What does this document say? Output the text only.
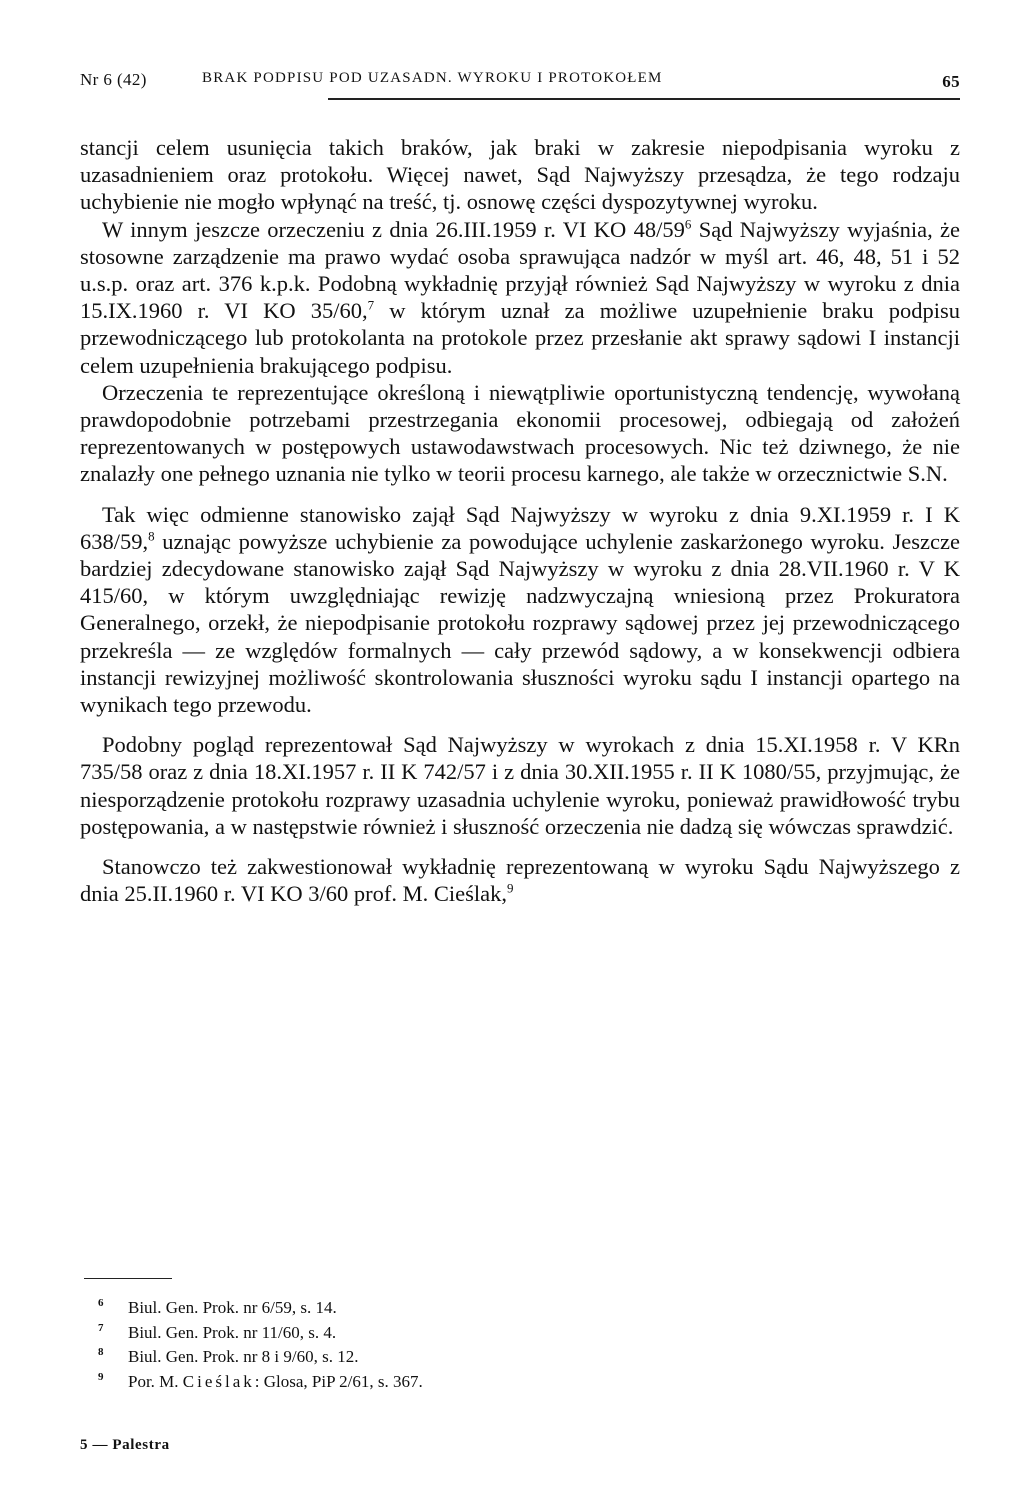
Nr 6 (42)	BRAK PODPISU POD UZASADN. WYROKU I PROTOKOŁEM	65

stancji celem usunięcia takich braków, jak braki w zakresie niepodpisania wyroku z uzasadnieniem oraz protokołu. Więcej nawet, Sąd Najwyższy przesądza, że tego rodzaju uchybienie nie mogło wpłynąć na treść, tj. osnowę części dyspozytywnej wyroku.

W innym jeszcze orzeczeniu z dnia 26.III.1959 r. VI KO $48/59^6$ Sąd Najwyższy wyjaśnia, że stosowne zarządzenie ma prawo wydać osoba sprawująca nadzór w myśl art. 46, 48, 51 i 52 u.s.p. oraz art. 376 k.p.k. Podobną wykładnię przyjął również Sąd Najwyższy w wyroku z dnia 15.IX.1960 r. VI KO 35/60,$^7$ w którym uznał za możliwe uzupełnienie braku podpisu przewodniczącego lub protokolanta na protokole przez przesłanie akt sprawy sądowi I instancji celem uzupełnienia brakującego podpisu.

Orzeczenia te reprezentujące określoną i niewątpliwie oportunistyczną tendencję, wywołaną prawdopodobnie potrzebami przestrzegania ekonomii procesowej, odbiegają od założeń reprezentowanych w postępowych ustawodawstwach procesowych. Nic też dziwnego, że nie znalazły one pełnego uznania nie tylko w teorii procesu karnego, ale także w orzecznictwie S.N.

Tak więc odmienne stanowisko zajął Sąd Najwyższy w wyroku z dnia 9.XI.1959 r. I K 638/59,$^8$ uznając powyższe uchybienie za powodujące uchylenie zaskarżonego wyroku. Jeszcze bardziej zdecydowane stanowisko zajął Sąd Najwyższy w wyroku z dnia 28.VII.1960 r. V K 415/60, w którym uwzględniając rewizję nadzwyczajną wniesioną przez Prokuratora Generalnego, orzekł, że niepodpisanie protokołu rozprawy sądowej przez jej przewodniczącego przekreśla — ze względów formalnych — cały przewód sądowy, a w konsekwencji odbiera instancji rewizyjnej możliwość skontrolowania słuszności wyroku sądu I instancji opartego na wynikach tego przewodu.

Podobny pogląd reprezentował Sąd Najwyższy w wyrokach z dnia 15.XI.1958 r. V KRn 735/58 oraz z dnia 18.XI.1957 r. II K 742/57 i z dnia 30.XII.1955 r. II K 1080/55, przyjmując, że niesporządzenie protokołu rozprawy uzasadnia uchylenie wyroku, ponieważ prawidłowość trybu postępowania, a w następstwie również i słuszność orzeczenia nie dadzą się wówczas sprawdzić.

Stanowczo też zakwestionował wykładnię reprezentowaną w wyroku Sądu Najwyższego z dnia 25.II.1960 r. VI KO 3/60 prof. M. Cieślak,$^9$

6 Biul. Gen. Prok. nr 6/59, s. 14.
7 Biul. Gen. Prok. nr 11/60, s. 4.
8 Biul. Gen. Prok. nr 8 i 9/60, s. 12.
9 Por. M. Cieślak: Glosa, PiP 2/61, s. 367.
5 — Palestra
